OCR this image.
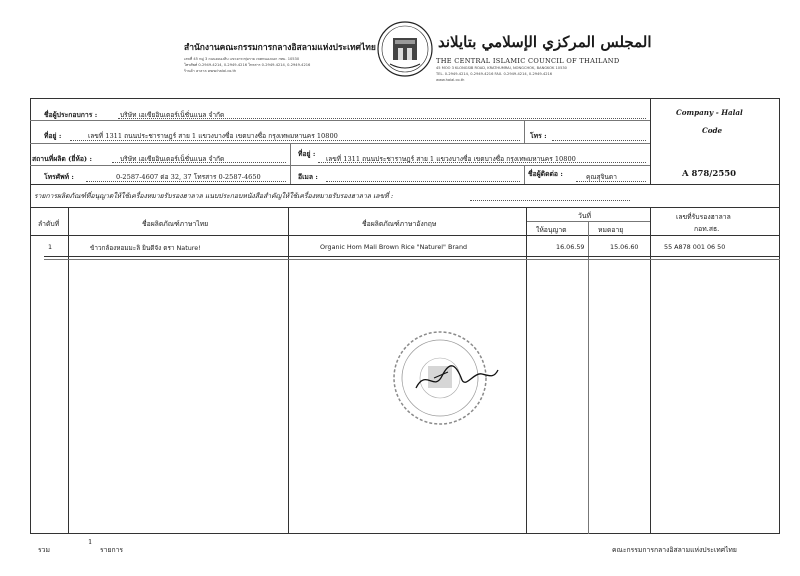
สำนักงานคณะกรรมการกลางอิสลามแห่งประเทศไทย
เลขที่ 45 หมู่ 3 ถนนคลองสิบ แขวงกระทุ่มราย เขตหนองจอก กทม. 10530
โทรศัพท์ 0-2949-4214, 0-2949-4216 โทรสาร 0-2949-4214, 0-2949-4216
ร้านค้า ฮาลาล www.halal.co.th
المجلس المركزي الإسلامي بتايلاند
THE CENTRAL ISLAMIC COUNCIL OF THAILAND
45 MOO 3 KLONGSIB ROAD, KRATHUMRAI, NONGCHOK, BANGKOK 10530
TEL. 0-2949-4214, 0-2949-4216 FAX. 0-2949-4214, 0-2949-4216
www.halal.co.th
ชื่อผู้ประกอบการ :	บริษัท เอเซียอินเตอร์เน็ชั่นแนล จำกัด
ที่อยู่ :	เลขที่ 1311 ถนนประชาราษฎร์ สาย 1 แขวงบางซื่อ เขตบางซื่อ กรุงเทพมหานคร 10800	โทร :
สถานที่ผลิต (ยี่ห้อ) :	บริษัท เอเซียอินเตอร์เน็ชั่นแนล จำกัด
ที่อยู่ :
เลขที่ 1311 ถนนประชาราษฎร์ สาย 1 แขวงบางซื่อ เขตบางซื่อ กรุงเทพมหานคร 10800
โทรศัพท์ :	0-2587-4607 ต่อ 32, 37 โทรสาร 0-2587-4650	อีเมล :	ชื่อผู้ติดต่อ :	คุณสุจินดา
Company - Halal
Code
A 878/2550
รายการผลิตภัณฑ์ที่อนุญาตให้ใช้เครื่องหมายรับรองฮาลาล แนบประกอบหนังสือสำคัญให้ใช้เครื่องหมายรับรองฮาลาล เลขที่ :
ลำดับที่	ชื่อผลิตภัณฑ์ภาษาไทย	ชื่อผลิตภัณฑ์ภาษาอังกฤษ
วันที่
ให้อนุญาต	หมดอายุ
เลขที่รับรองฮาลาล
กอท.สธ.
1	ข้าวกล้องหอมมะลิ ยินดีจัง ตรา Nature!	Organic Hom Mali Brown Rice "Naturel" Brand	16.06.59	15.06.60	55 A878 001 06 50
รวม
1
รายการ	คณะกรรมการกลางอิสลามแห่งประเทศไทย
